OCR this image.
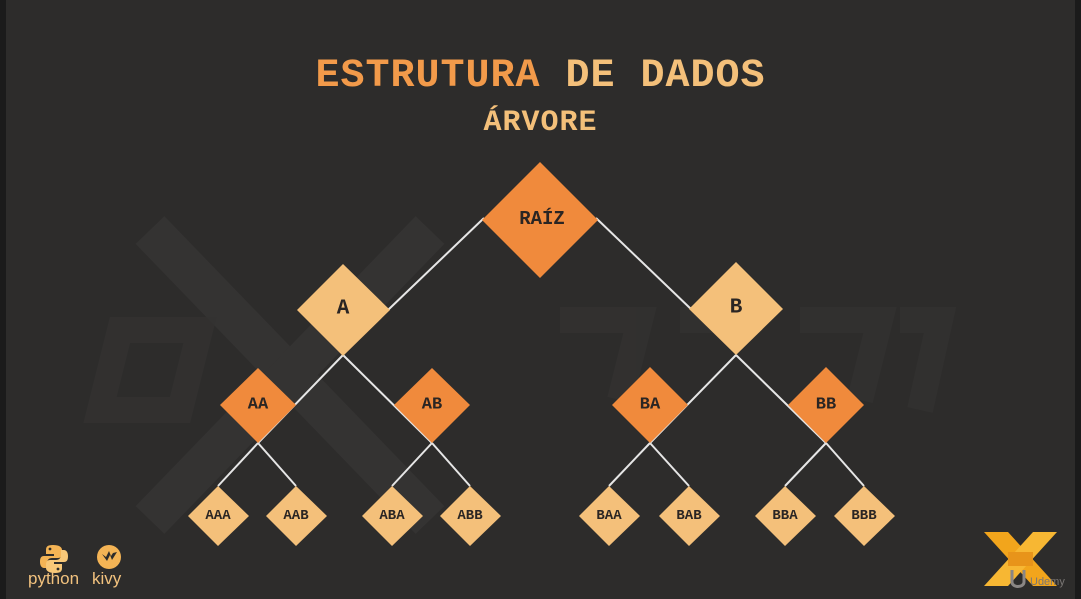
ESTRUTURA DE DADOS
ÁRVORE
RAÍZ
A	B
AA	AB	BA	BB
AAA	AAB	ABA	ABB	BAA	BAB	BBA	BBB
python kivy	Udemy
